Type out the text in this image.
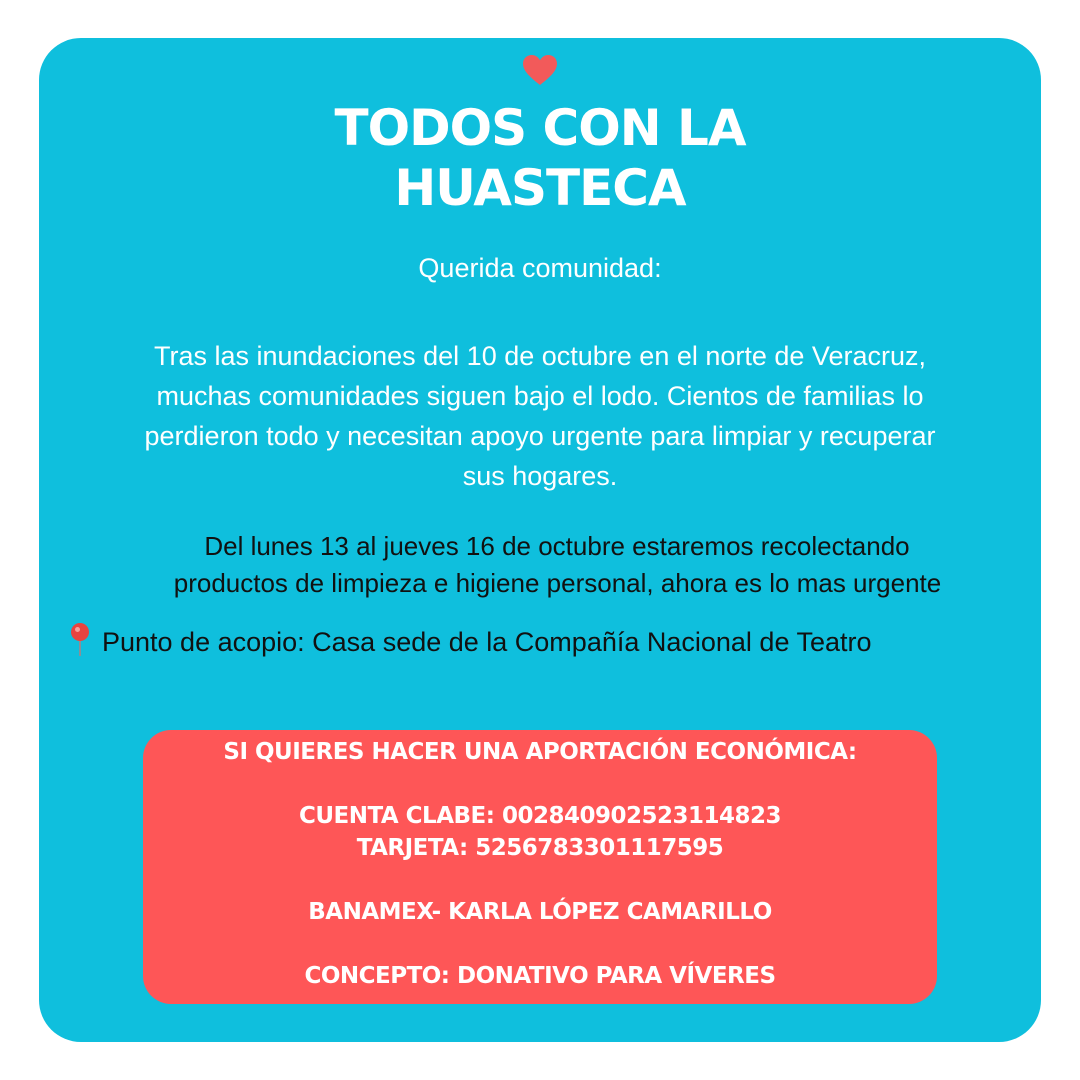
TODOS CON LA
HUASTECA
Querida comunidad:
Tras las inundaciones del 10 de octubre en el norte de Veracruz,
muchas comunidades siguen bajo el lodo. Cientos de familias lo
perdieron todo y necesitan apoyo urgente para limpiar y recuperar
sus hogares.
Del lunes 13 al jueves 16 de octubre estaremos recolectando
productos de limpieza e higiene personal, ahora es lo mas urgente
Punto de acopio: Casa sede de la Compañía Nacional de Teatro
SI QUIERES HACER UNA APORTACIÓN ECONÓMICA:
CUENTA CLABE: 002840902523114823
TARJETA: 5256783301117595
BANAMEX- KARLA LÓPEZ CAMARILLO
CONCEPTO: DONATIVO PARA VÍVERES
